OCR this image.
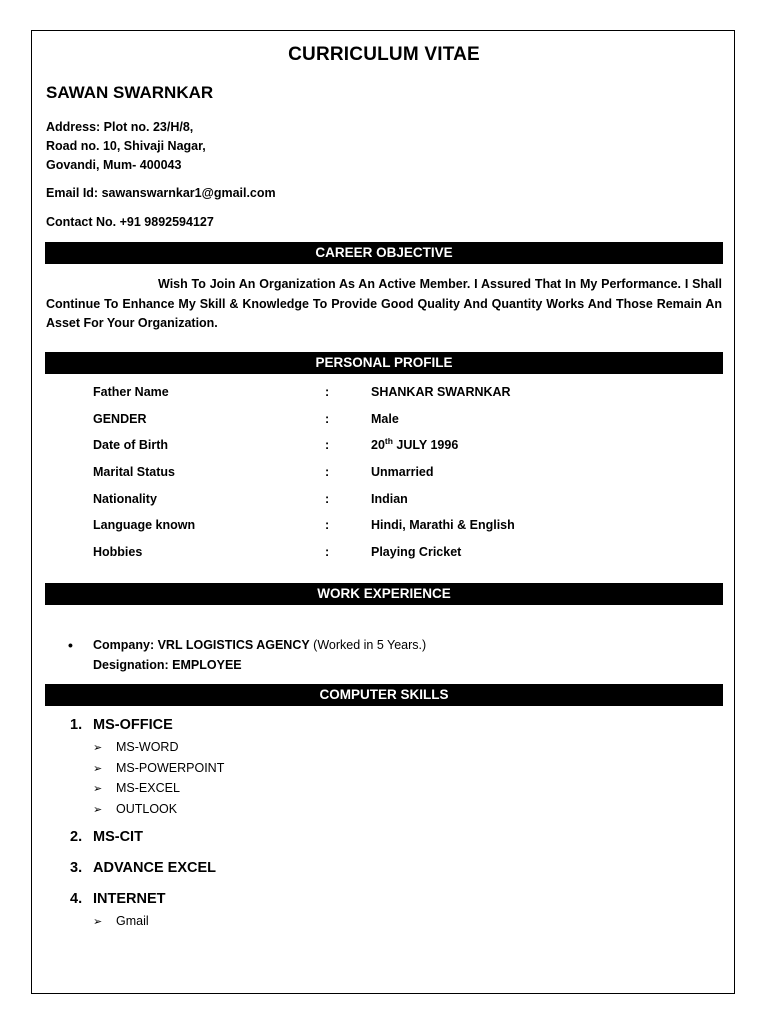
CURRICULUM VITAE
SAWAN SWARNKAR
Address: Plot no. 23/H/8,
Road no. 10, Shivaji Nagar,
Govandi, Mum- 400043
Email Id: sawanswarnkar1@gmail.com
Contact No. +91 9892594127
CAREER OBJECTIVE
Wish To Join An Organization As An Active Member. I Assured That In My Performance. I Shall Continue To Enhance My Skill & Knowledge To Provide Good Quality And Quantity Works And Those Remain An Asset For Your Organization.
PERSONAL PROFILE
Father Name	:	SHANKAR SWARNKAR
GENDER	:	Male
Date of Birth	:	20th JULY 1996
Marital Status	:	Unmarried
Nationality	:	Indian
Language known	:	Hindi, Marathi & English
Hobbies	:	Playing Cricket
WORK EXPERIENCE
• Company: VRL LOGISTICS AGENCY (Worked in 5 Years.)
Designation: EMPLOYEE
COMPUTER SKILLS
1. MS-OFFICE
➢ MS-WORD
➢ MS-POWERPOINT
➢ MS-EXCEL
➢ OUTLOOK
2. MS-CIT
3. ADVANCE EXCEL
4. INTERNET
➢ Gmail
